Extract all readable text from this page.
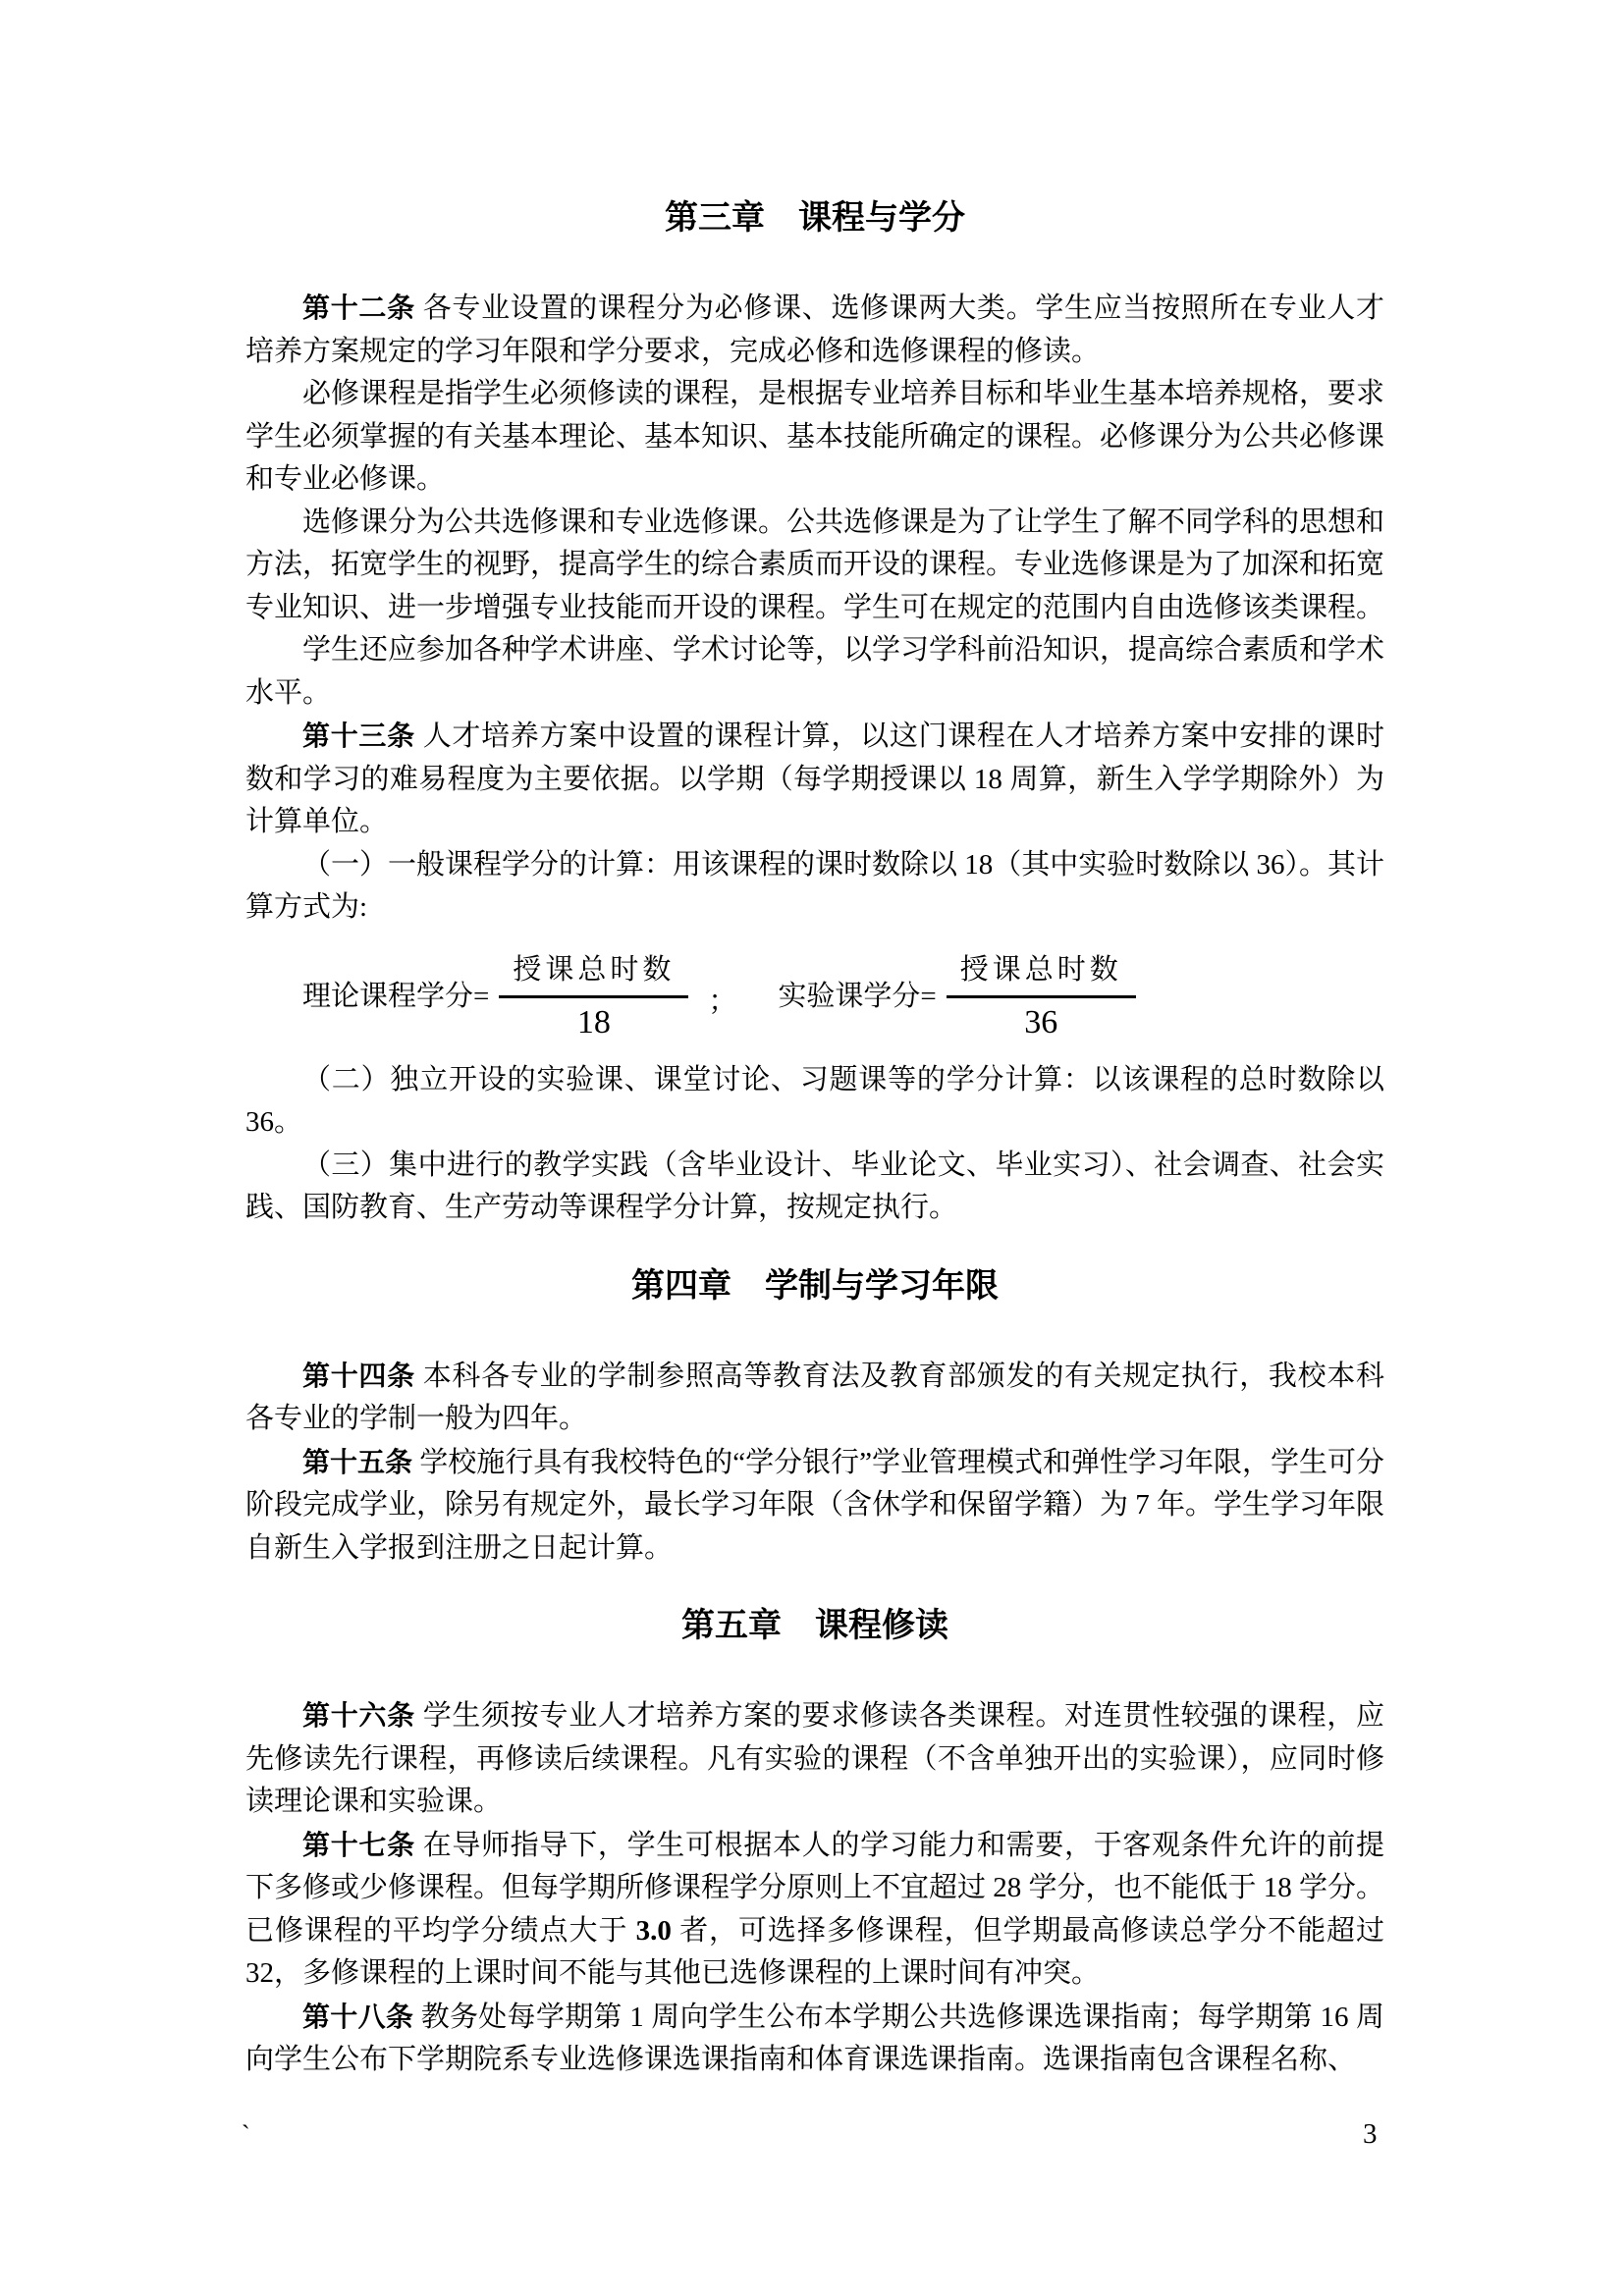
第三章　课程与学分

第十二条 各专业设置的课程分为必修课、选修课两大类。学生应当按照所在专业人才培养方案规定的学习年限和学分要求，完成必修和选修课程的修读。

必修课程是指学生必须修读的课程，是根据专业培养目标和毕业生基本培养规格，要求学生必须掌握的有关基本理论、基本知识、基本技能所确定的课程。必修课分为公共必修课和专业必修课。

选修课分为公共选修课和专业选修课。公共选修课是为了让学生了解不同学科的思想和方法，拓宽学生的视野，提高学生的综合素质而开设的课程。专业选修课是为了加深和拓宽专业知识、进一步增强专业技能而开设的课程。学生可在规定的范围内自由选修该类课程。

学生还应参加各种学术讲座、学术讨论等，以学习学科前沿知识，提高综合素质和学术水平。

第十三条 人才培养方案中设置的课程计算，以这门课程在人才培养方案中安排的课时数和学习的难易程度为主要依据。以学期（每学期授课以 18 周算，新生入学学期除外）为计算单位。

（一）一般课程学分的计算：用该课程的课时数除以 18（其中实验时数除以 36）。其计算方式为:

理论课程学分= $\frac{\text{授课总时数}}{18}$ ； 实验课学分= $\frac{\text{授课总时数}}{36}$

（二）独立开设的实验课、课堂讨论、习题课等的学分计算：以该课程的总时数除以 36。

（三）集中进行的教学实践（含毕业设计、毕业论文、毕业实习）、社会调查、社会实践、国防教育、生产劳动等课程学分计算，按规定执行。

第四章　学制与学习年限

第十四条 本科各专业的学制参照高等教育法及教育部颁发的有关规定执行，我校本科各专业的学制一般为四年。

第十五条 学校施行具有我校特色的“学分银行”学业管理模式和弹性学习年限，学生可分阶段完成学业，除另有规定外，最长学习年限（含休学和保留学籍）为 7 年。学生学习年限自新生入学报到注册之日起计算。

第五章　课程修读

第十六条 学生须按专业人才培养方案的要求修读各类课程。对连贯性较强的课程，应先修读先行课程，再修读后续课程。凡有实验的课程（不含单独开出的实验课），应同时修读理论课和实验课。

第十七条 在导师指导下，学生可根据本人的学习能力和需要，于客观条件允许的前提下多修或少修课程。但每学期所修课程学分原则上不宜超过 28 学分，也不能低于 18 学分。已修课程的平均学分绩点大于 3.0 者，可选择多修课程，但学期最高修读总学分不能超过 32，多修课程的上课时间不能与其他已选修课程的上课时间有冲突。

第十八条 教务处每学期第 1 周向学生公布本学期公共选修课选课指南；每学期第 16 周向学生公布下学期院系专业选修课选课指南和体育课选课指南。选课指南包含课程名称、

`	3
